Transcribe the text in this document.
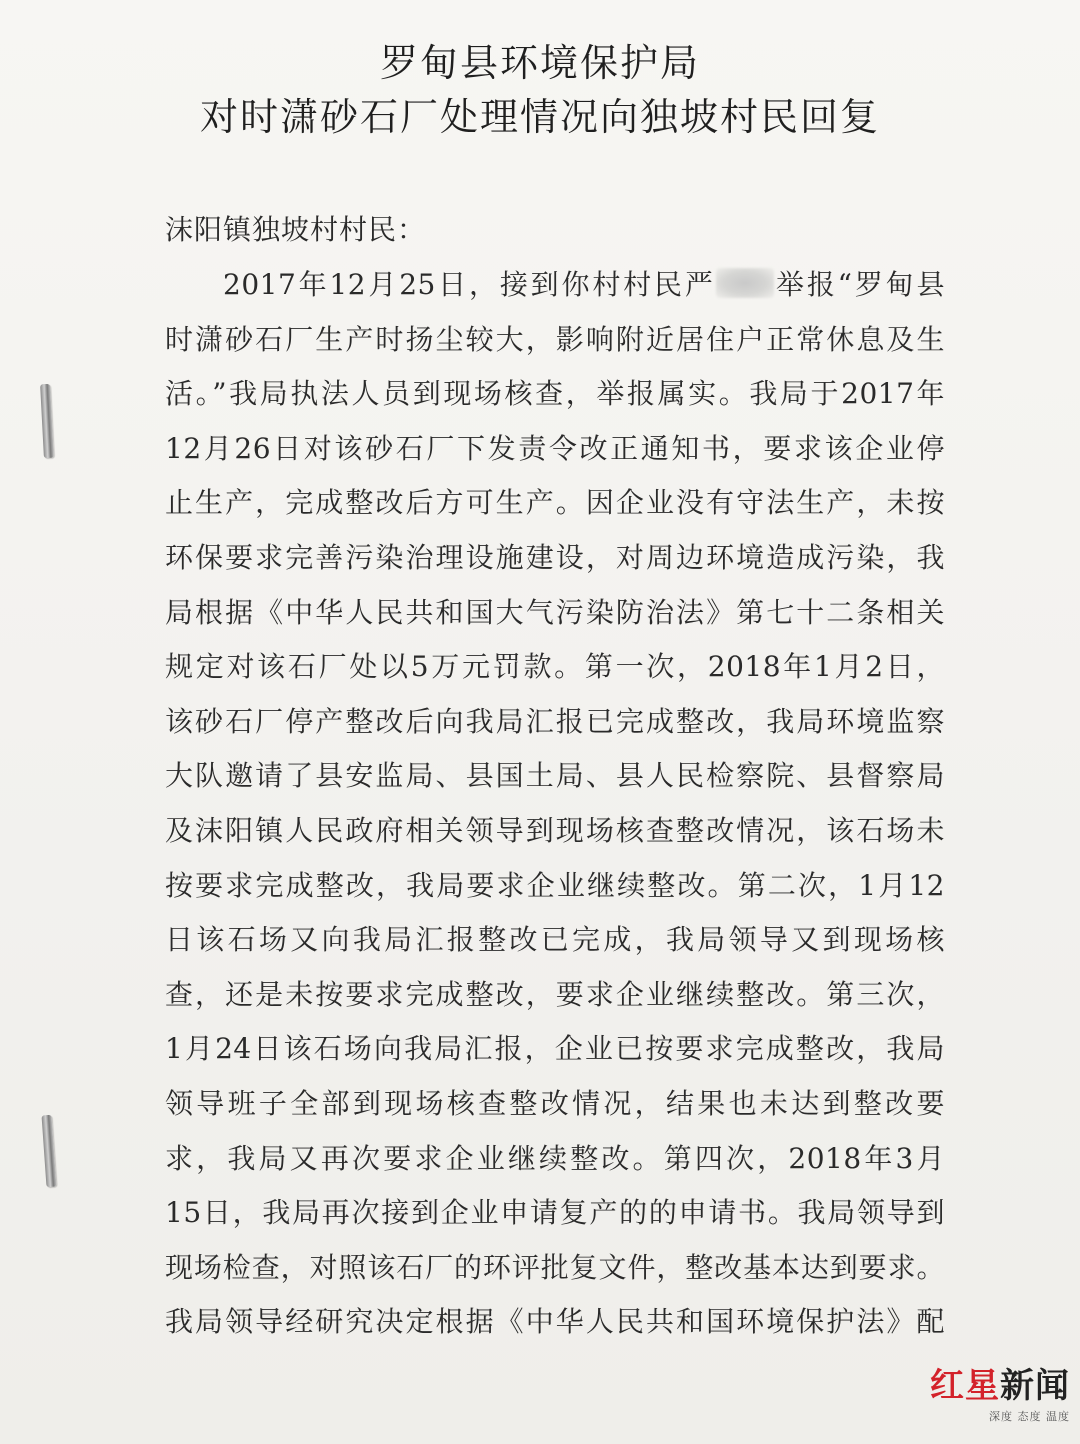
罗甸县环境保护局
对时潇砂石厂处理情况向独坡村民回复
沫阳镇独坡村村民：
2017年12月25日，接到你村村民严 举报“罗甸县
时潇砂石厂生产时扬尘较大，影响附近居住户正常休息及生
活。”我局执法人员到现场核查，举报属实。我局于2017年
12月26日对该砂石厂下发责令改正通知书，要求该企业停
止生产，完成整改后方可生产。因企业没有守法生产，未按
环保要求完善污染治理设施建设，对周边环境造成污染，我
局根据《中华人民共和国大气污染防治法》第七十二条相关
规定对该石厂处以5万元罚款。第一次，2018年1月2日，
该砂石厂停产整改后向我局汇报已完成整改，我局环境监察
大队邀请了县安监局、县国土局、县人民检察院、县督察局
及沫阳镇人民政府相关领导到现场核查整改情况，该石场未
按要求完成整改，我局要求企业继续整改。第二次，1月12
日该石场又向我局汇报整改已完成，我局领导又到现场核
查，还是未按要求完成整改，要求企业继续整改。第三次，
1月24日该石场向我局汇报，企业已按要求完成整改，我局
领导班子全部到现场核查整改情况，结果也未达到整改要
求，我局又再次要求企业继续整改。第四次，2018年3月
15日，我局再次接到企业申请复产的的申请书。我局领导到
现场检查，对照该石厂的环评批复文件，整改基本达到要求。
我局领导经研究决定根据《中华人民共和国环境保护法》配
红星新闻
深度 态度 温度
